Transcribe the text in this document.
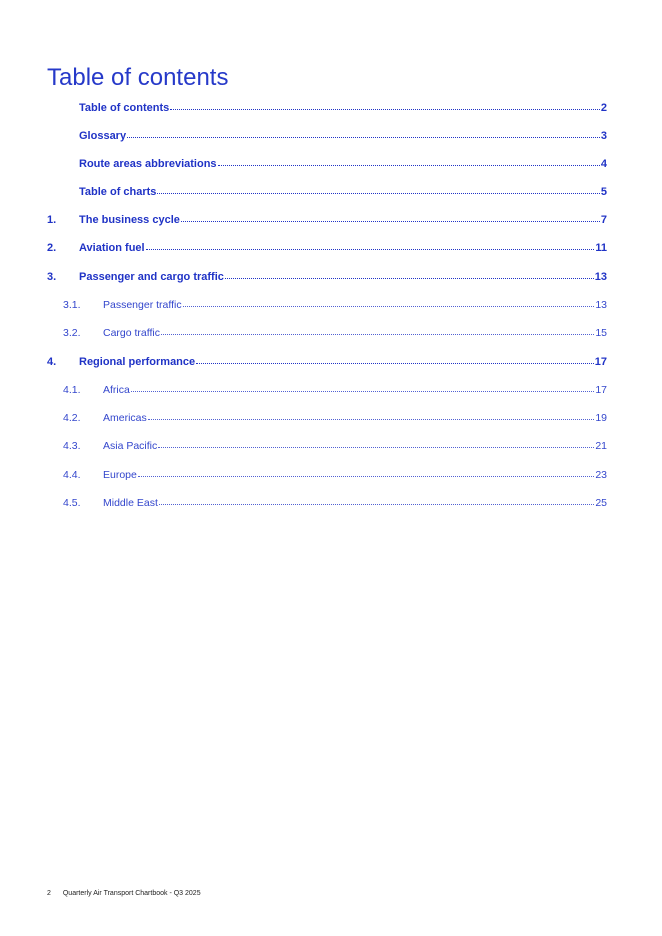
Table of contents
Table of contents	2
Glossary	3
Route areas abbreviations	4
Table of charts	5
1.	The business cycle	7
2.	Aviation fuel	11
3.	Passenger and cargo traffic	13
3.1.	Passenger traffic	13
3.2.	Cargo traffic	15
4.	Regional performance	17
4.1.	Africa	17
4.2.	Americas	19
4.3.	Asia Pacific	21
4.4.	Europe	23
4.5.	Middle East	25
2 Quarterly Air Transport Chartbook - Q3 2025
